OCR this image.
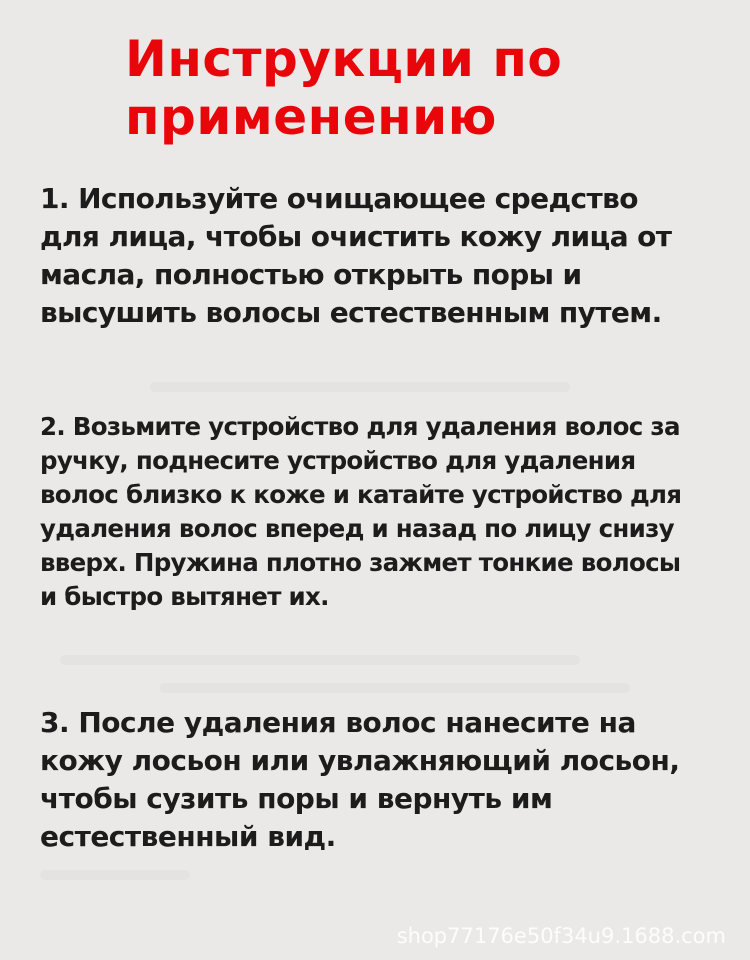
Инструкции по применению

1. Используйте очищающее средство для лица, чтобы очистить кожу лица от масла, полностью открыть поры и высушить волосы естественным путем.

2. Возьмите устройство для удаления волос за ручку, поднесите устройство для удаления волос близко к коже и катайте устройство для удаления волос вперед и назад по лицу снизу вверх. Пружина плотно зажмет тонкие волосы и быстро вытянет их.

3. После удаления волос нанесите на кожу лосьон или увлажняющий лосьон, чтобы сузить поры и вернуть им естественный вид.

shop77176e50f34u9.1688.com
